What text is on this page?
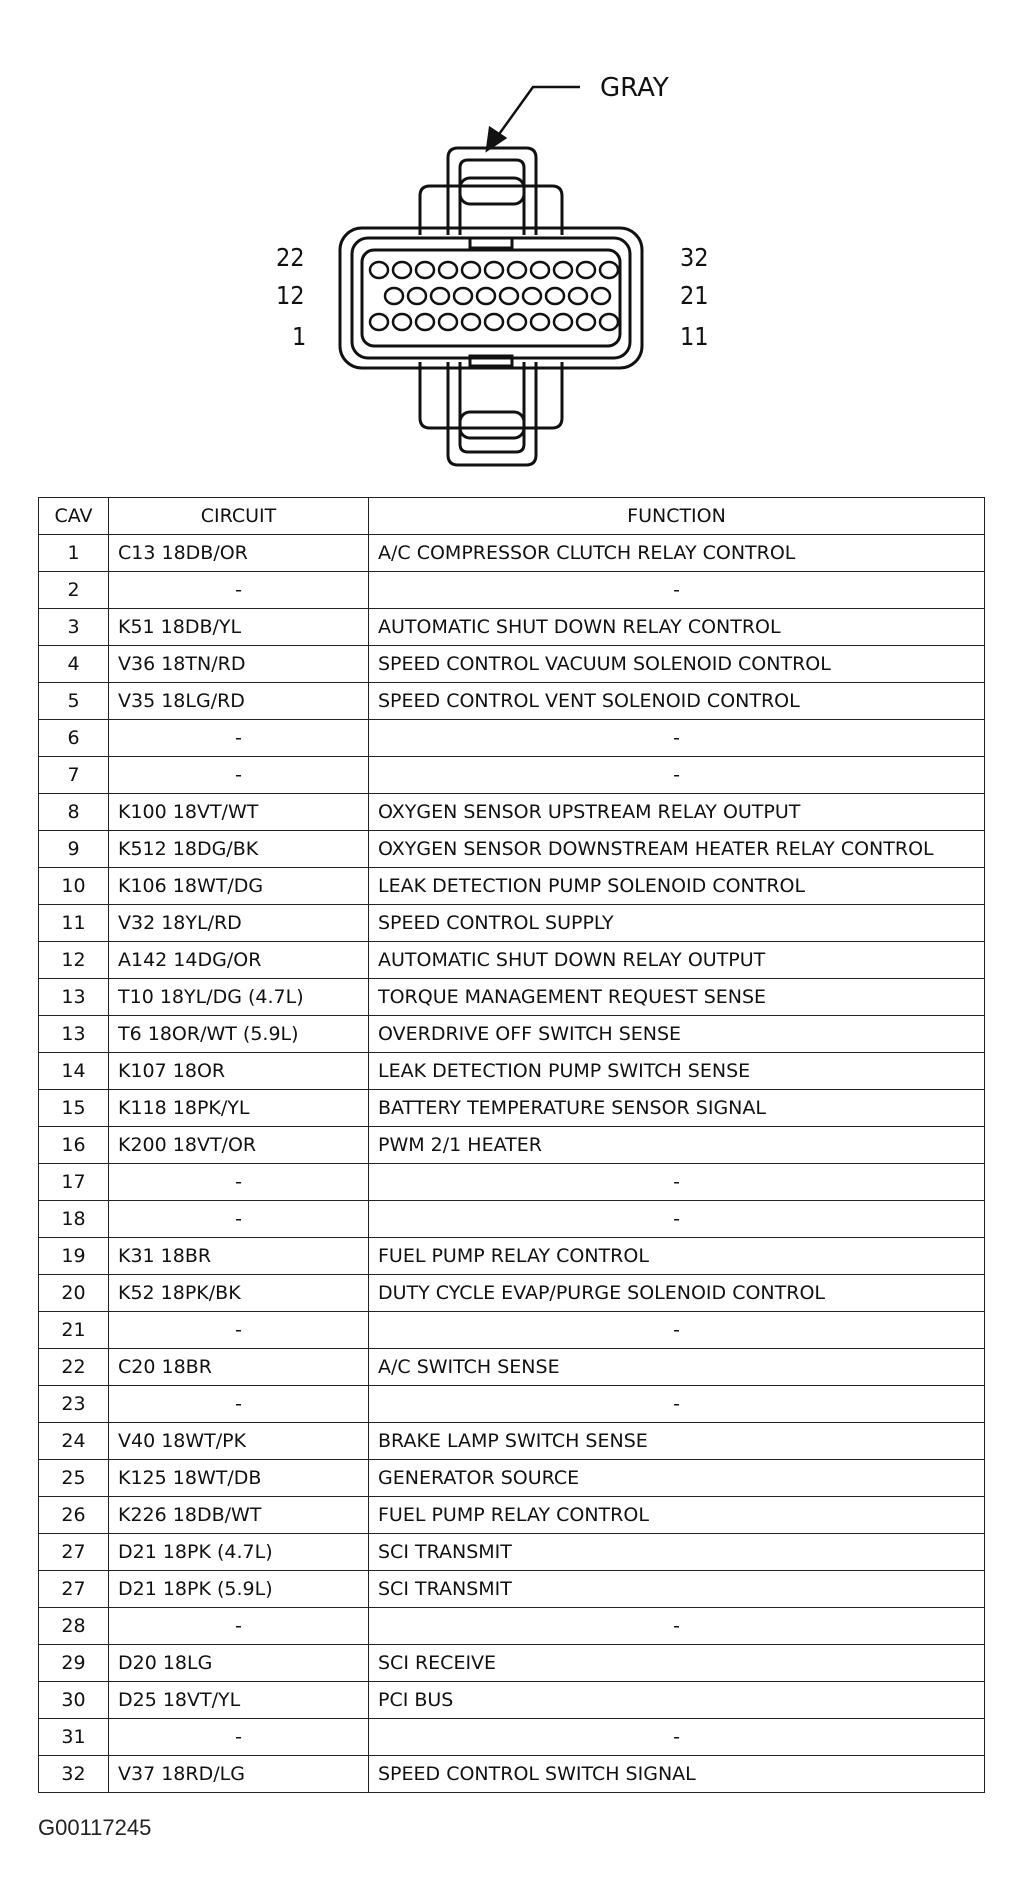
GRAY
22
12
1
32
21
11
CAV	CIRCUIT	FUNCTION
1	C13 18DB/OR	A/C COMPRESSOR CLUTCH RELAY CONTROL
2	-	-
3	K51 18DB/YL	AUTOMATIC SHUT DOWN RELAY CONTROL
4	V36 18TN/RD	SPEED CONTROL VACUUM SOLENOID CONTROL
5	V35 18LG/RD	SPEED CONTROL VENT SOLENOID CONTROL
6	-	-
7	-	-
8	K100 18VT/WT	OXYGEN SENSOR UPSTREAM RELAY OUTPUT
9	K512 18DG/BK	OXYGEN SENSOR DOWNSTREAM HEATER RELAY CONTROL
10	K106 18WT/DG	LEAK DETECTION PUMP SOLENOID CONTROL
11	V32 18YL/RD	SPEED CONTROL SUPPLY
12	A142 14DG/OR	AUTOMATIC SHUT DOWN RELAY OUTPUT
13	T10 18YL/DG (4.7L)	TORQUE MANAGEMENT REQUEST SENSE
13	T6 18OR/WT (5.9L)	OVERDRIVE OFF SWITCH SENSE
14	K107 18OR	LEAK DETECTION PUMP SWITCH SENSE
15	K118 18PK/YL	BATTERY TEMPERATURE SENSOR SIGNAL
16	K200 18VT/OR	PWM 2/1 HEATER
17	-	-
18	-	-
19	K31 18BR	FUEL PUMP RELAY CONTROL
20	K52 18PK/BK	DUTY CYCLE EVAP/PURGE SOLENOID CONTROL
21	-	-
22	C20 18BR	A/C SWITCH SENSE
23	-	-
24	V40 18WT/PK	BRAKE LAMP SWITCH SENSE
25	K125 18WT/DB	GENERATOR SOURCE
26	K226 18DB/WT	FUEL PUMP RELAY CONTROL
27	D21 18PK (4.7L)	SCI TRANSMIT
27	D21 18PK (5.9L)	SCI TRANSMIT
28	-	-
29	D20 18LG	SCI RECEIVE
30	D25 18VT/YL	PCI BUS
31	-	-
32	V37 18RD/LG	SPEED CONTROL SWITCH SIGNAL
G00117245
